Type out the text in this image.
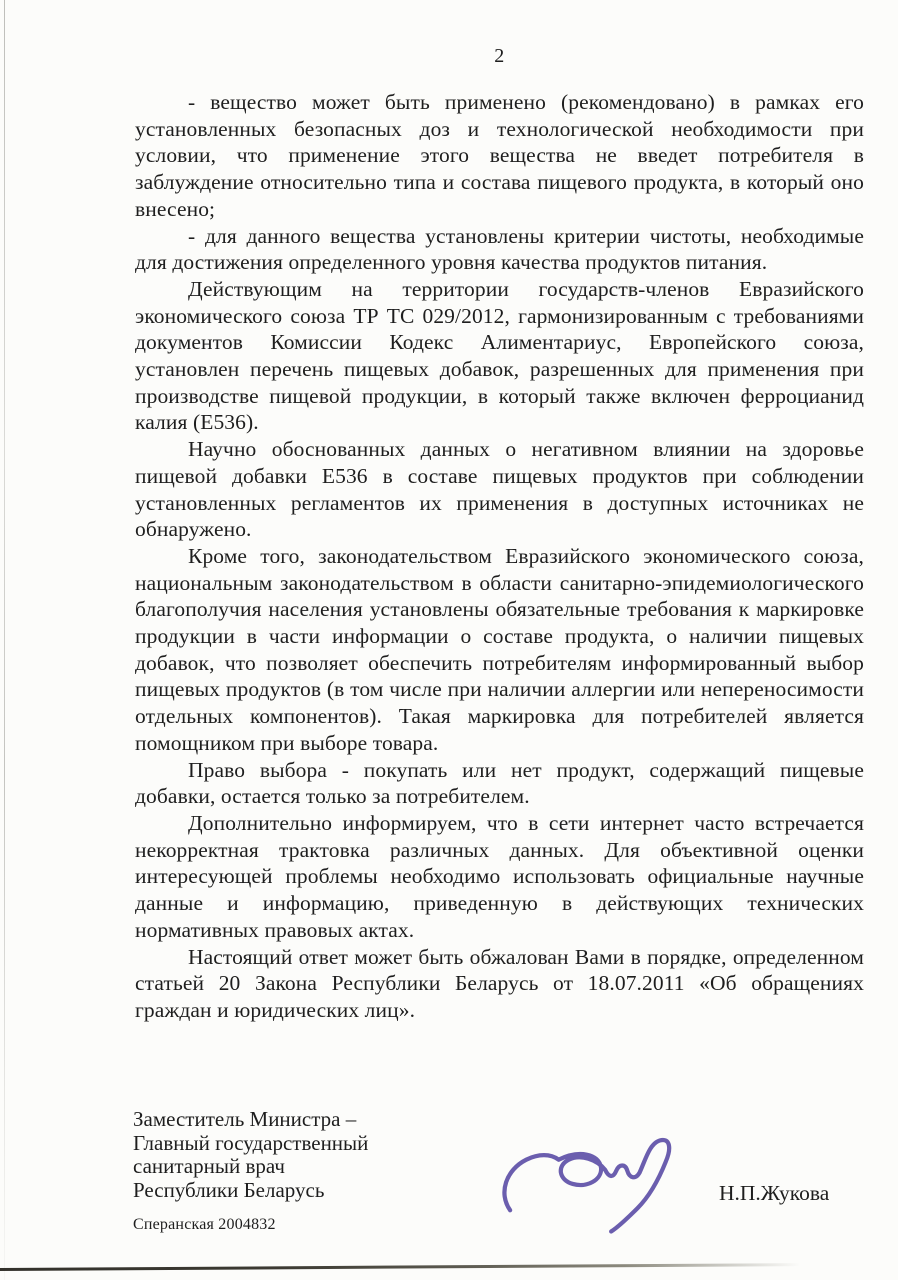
2

- вещество может быть применено (рекомендовано) в рамках его установленных безопасных доз и технологической необходимости при условии, что применение этого вещества не введет потребителя в заблуждение относительно типа и состава пищевого продукта, в который оно внесено;

- для данного вещества установлены критерии чистоты, необходимые для достижения определенного уровня качества продуктов питания.

Действующим на территории государств-членов Евразийского экономического союза ТР ТС 029/2012, гармонизированным с требованиями документов Комиссии Кодекс Алиментариус, Европейского союза, установлен перечень пищевых добавок, разрешенных для применения при производстве пищевой продукции, в который также включен ферроцианид калия (Е536).

Научно обоснованных данных о негативном влиянии на здоровье пищевой добавки Е536 в составе пищевых продуктов при соблюдении установленных регламентов их применения в доступных источниках не обнаружено.

Кроме того, законодательством Евразийского экономического союза, национальным законодательством в области санитарно-эпидемиологического благополучия населения установлены обязательные требования к маркировке продукции в части информации о составе продукта, о наличии пищевых добавок, что позволяет обеспечить потребителям информированный выбор пищевых продуктов (в том числе при наличии аллергии или непереносимости отдельных компонентов). Такая маркировка для потребителей является помощником при выборе товара.

Право выбора - покупать или нет продукт, содержащий пищевые добавки, остается только за потребителем.

Дополнительно информируем, что в сети интернет часто встречается некорректная трактовка различных данных. Для объективной оценки интересующей проблемы необходимо использовать официальные научные данные и информацию, приведенную в действующих технических нормативных правовых актах.

Настоящий ответ может быть обжалован Вами в порядке, определенном статьей 20 Закона Республики Беларусь от 18.07.2011 «Об обращениях граждан и юридических лиц».

Заместитель Министра –
Главный государственный
санитарный врач
Республики Беларусь
Сперанская 2004832
Н.П.Жукова
